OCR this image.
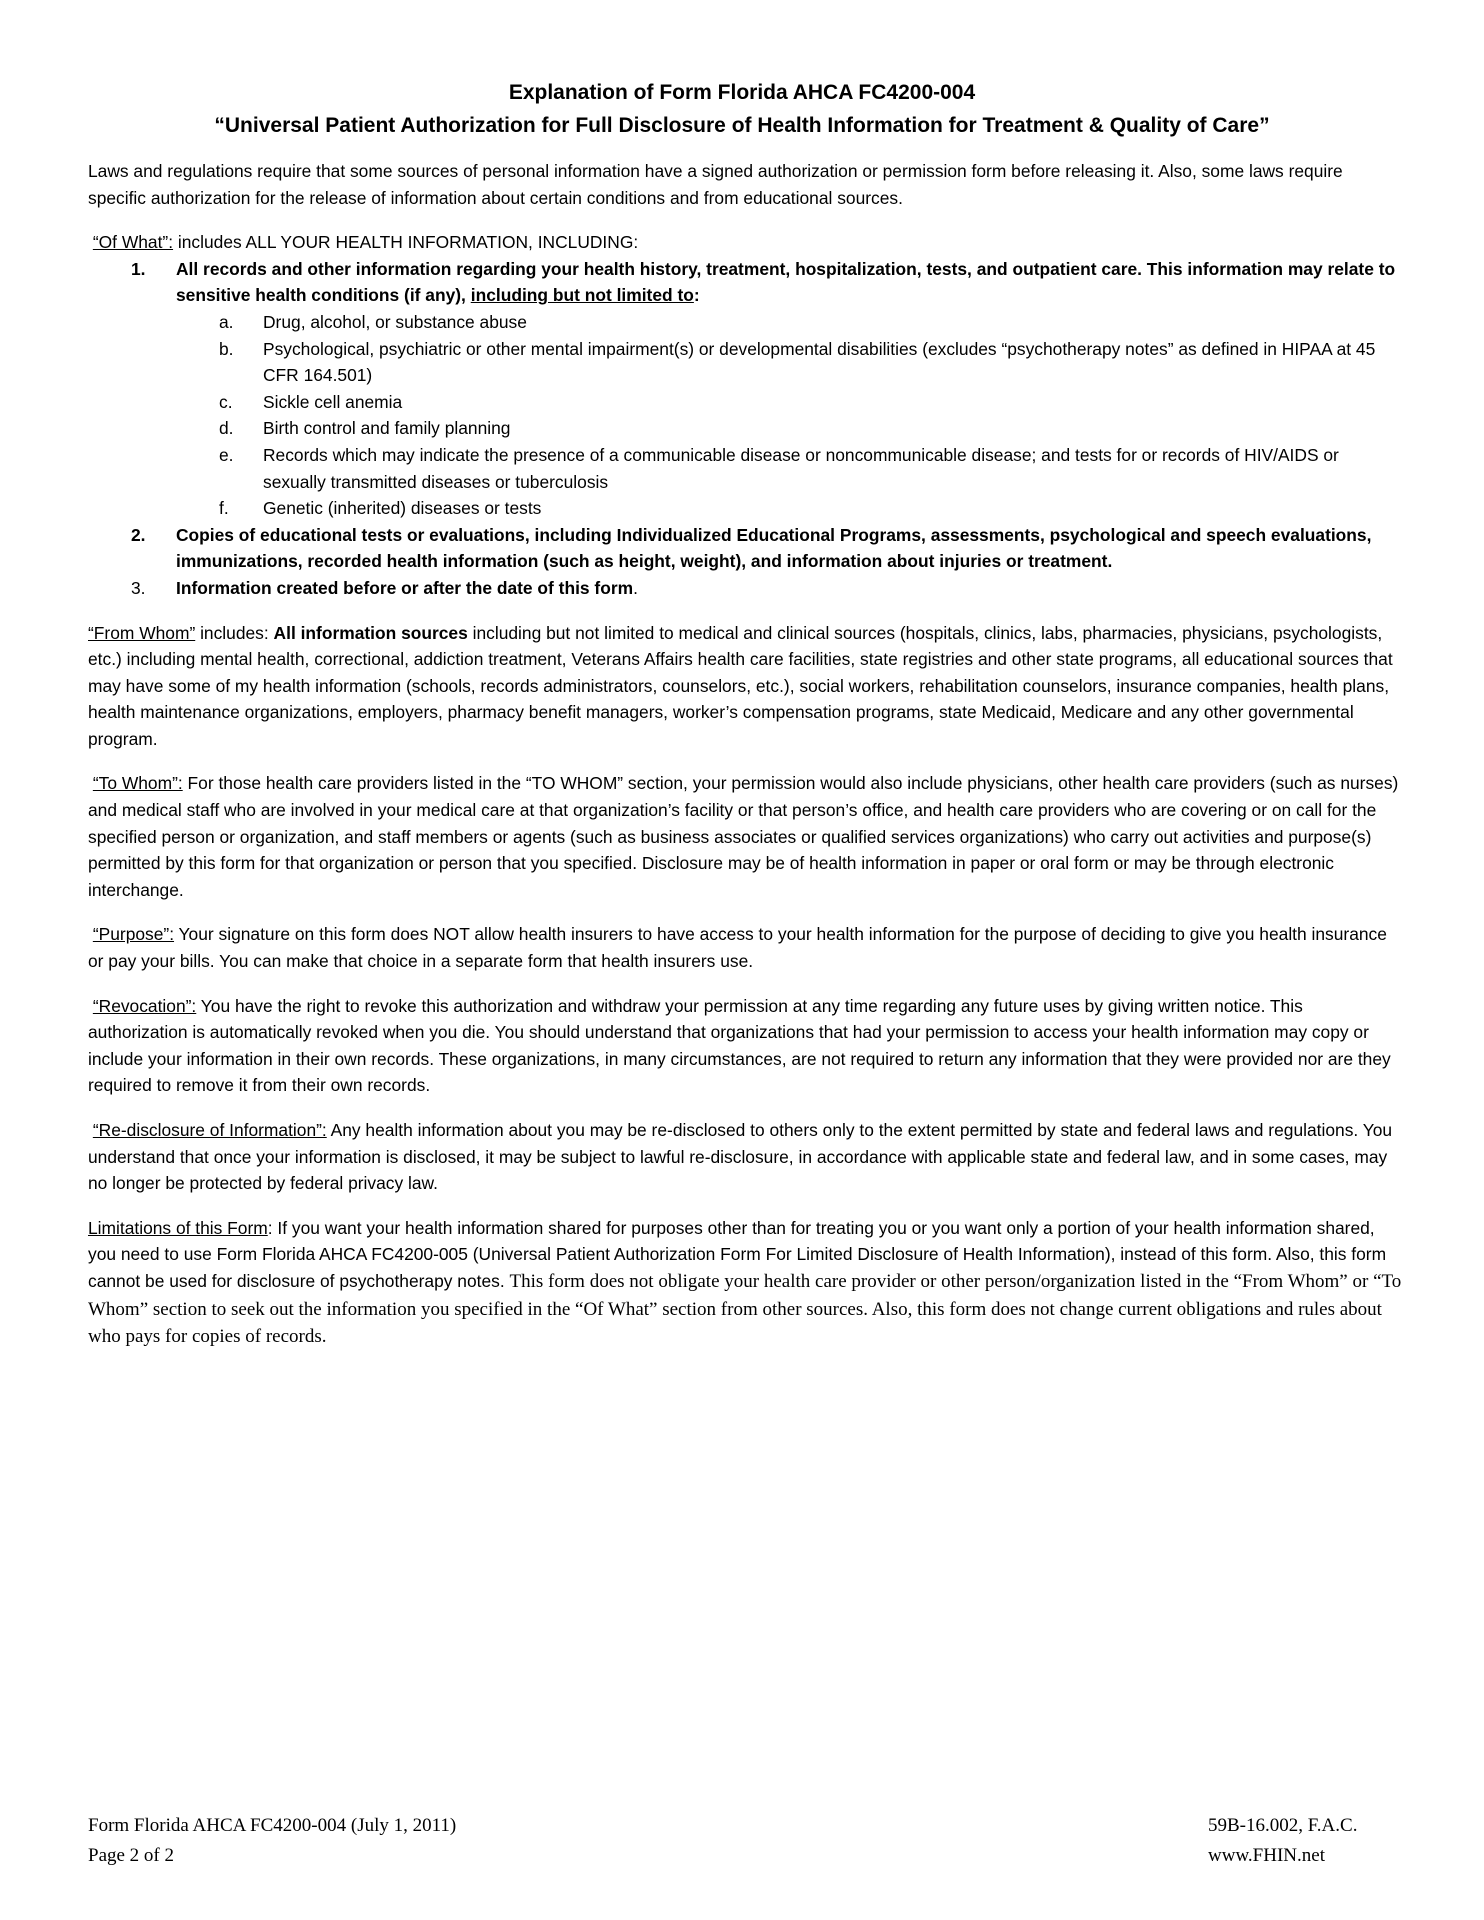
Explanation of Form Florida AHCA FC4200-004
“Universal Patient Authorization for Full Disclosure of Health Information for Treatment & Quality of Care”

Laws and regulations require that some sources of personal information have a signed authorization or permission form before releasing it. Also, some laws require specific authorization for the release of information about certain conditions and from educational sources.

“Of What”: includes ALL YOUR HEALTH INFORMATION, INCLUDING:
1.	All records and other information regarding your health history, treatment, hospitalization, tests, and outpatient care. This information may relate to sensitive health conditions (if any), including but not limited to:
a. Drug, alcohol, or substance abuse
b. Psychological, psychiatric or other mental impairment(s) or developmental disabilities (excludes “psychotherapy notes” as defined in HIPAA at 45 CFR 164.501)
c. Sickle cell anemia
d. Birth control and family planning
e. Records which may indicate the presence of a communicable disease or noncommunicable disease; and tests for or records of HIV/AIDS or sexually transmitted diseases or tuberculosis
f. Genetic (inherited) diseases or tests
2.	Copies of educational tests or evaluations, including Individualized Educational Programs, assessments, psychological and speech evaluations, immunizations, recorded health information (such as height, weight), and information about injuries or treatment.
3.	Information created before or after the date of this form.

“From Whom” includes: All information sources including but not limited to medical and clinical sources (hospitals, clinics, labs, pharmacies, physicians, psychologists, etc.) including mental health, correctional, addiction treatment, Veterans Affairs health care facilities, state registries and other state programs, all educational sources that may have some of my health information (schools, records administrators, counselors, etc.), social workers, rehabilitation counselors, insurance companies, health plans, health maintenance organizations, employers, pharmacy benefit managers, worker’s compensation programs, state Medicaid, Medicare and any other governmental program.

“To Whom”: For those health care providers listed in the “TO WHOM” section, your permission would also include physicians, other health care providers (such as nurses) and medical staff who are involved in your medical care at that organization’s facility or that person’s office, and health care providers who are covering or on call for the specified person or organization, and staff members or agents (such as business associates or qualified services organizations) who carry out activities and purpose(s) permitted by this form for that organization or person that you specified. Disclosure may be of health information in paper or oral form or may be through electronic interchange.

“Purpose”: Your signature on this form does NOT allow health insurers to have access to your health information for the purpose of deciding to give you health insurance or pay your bills. You can make that choice in a separate form that health insurers use.

“Revocation”: You have the right to revoke this authorization and withdraw your permission at any time regarding any future uses by giving written notice. This authorization is automatically revoked when you die. You should understand that organizations that had your permission to access your health information may copy or include your information in their own records. These organizations, in many circumstances, are not required to return any information that they were provided nor are they required to remove it from their own records.

“Re-disclosure of Information”: Any health information about you may be re-disclosed to others only to the extent permitted by state and federal laws and regulations. You understand that once your information is disclosed, it may be subject to lawful re-disclosure, in accordance with applicable state and federal law, and in some cases, may no longer be protected by federal privacy law.

Limitations of this Form: If you want your health information shared for purposes other than for treating you or you want only a portion of your health information shared, you need to use Form Florida AHCA FC4200-005 (Universal Patient Authorization Form For Limited Disclosure of Health Information), instead of this form. Also, this form cannot be used for disclosure of psychotherapy notes. This form does not obligate your health care provider or other person/organization listed in the “From Whom” or “To Whom” section to seek out the information you specified in the “Of What” section from other sources. Also, this form does not change current obligations and rules about who pays for copies of records.

Form Florida AHCA FC4200-004 (July 1, 2011)
Page 2 of 2
59B-16.002, F.A.C.
www.FHIN.net
